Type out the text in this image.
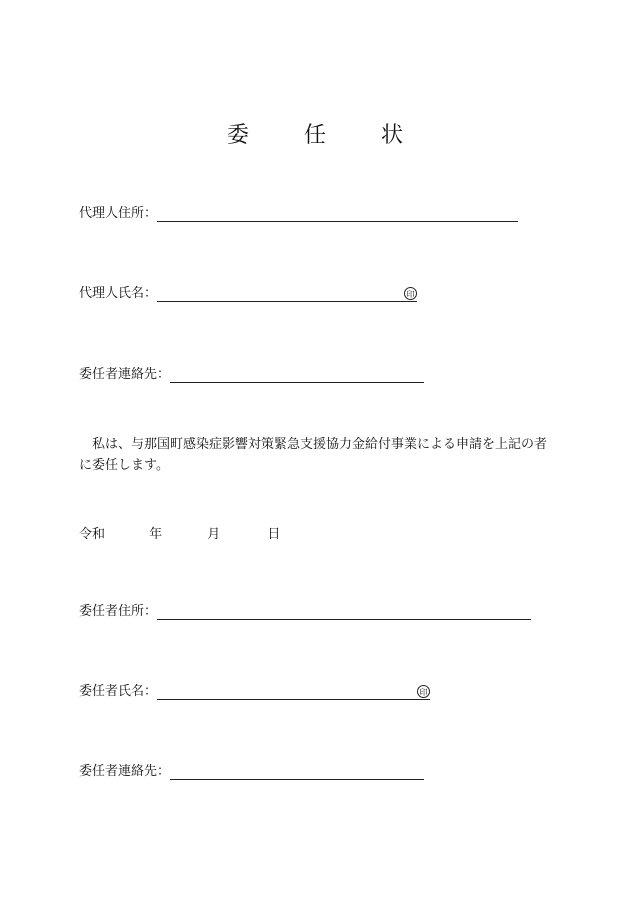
委	任	状
代理人住所：
代理人氏名：	印
委任者連絡先：
　私は、与那国町感染症影響対策緊急支援協力金給付事業による申請を上記の者に委任します。
令和	年	月	日
委任者住所：
委任者氏名：	印
委任者連絡先：
